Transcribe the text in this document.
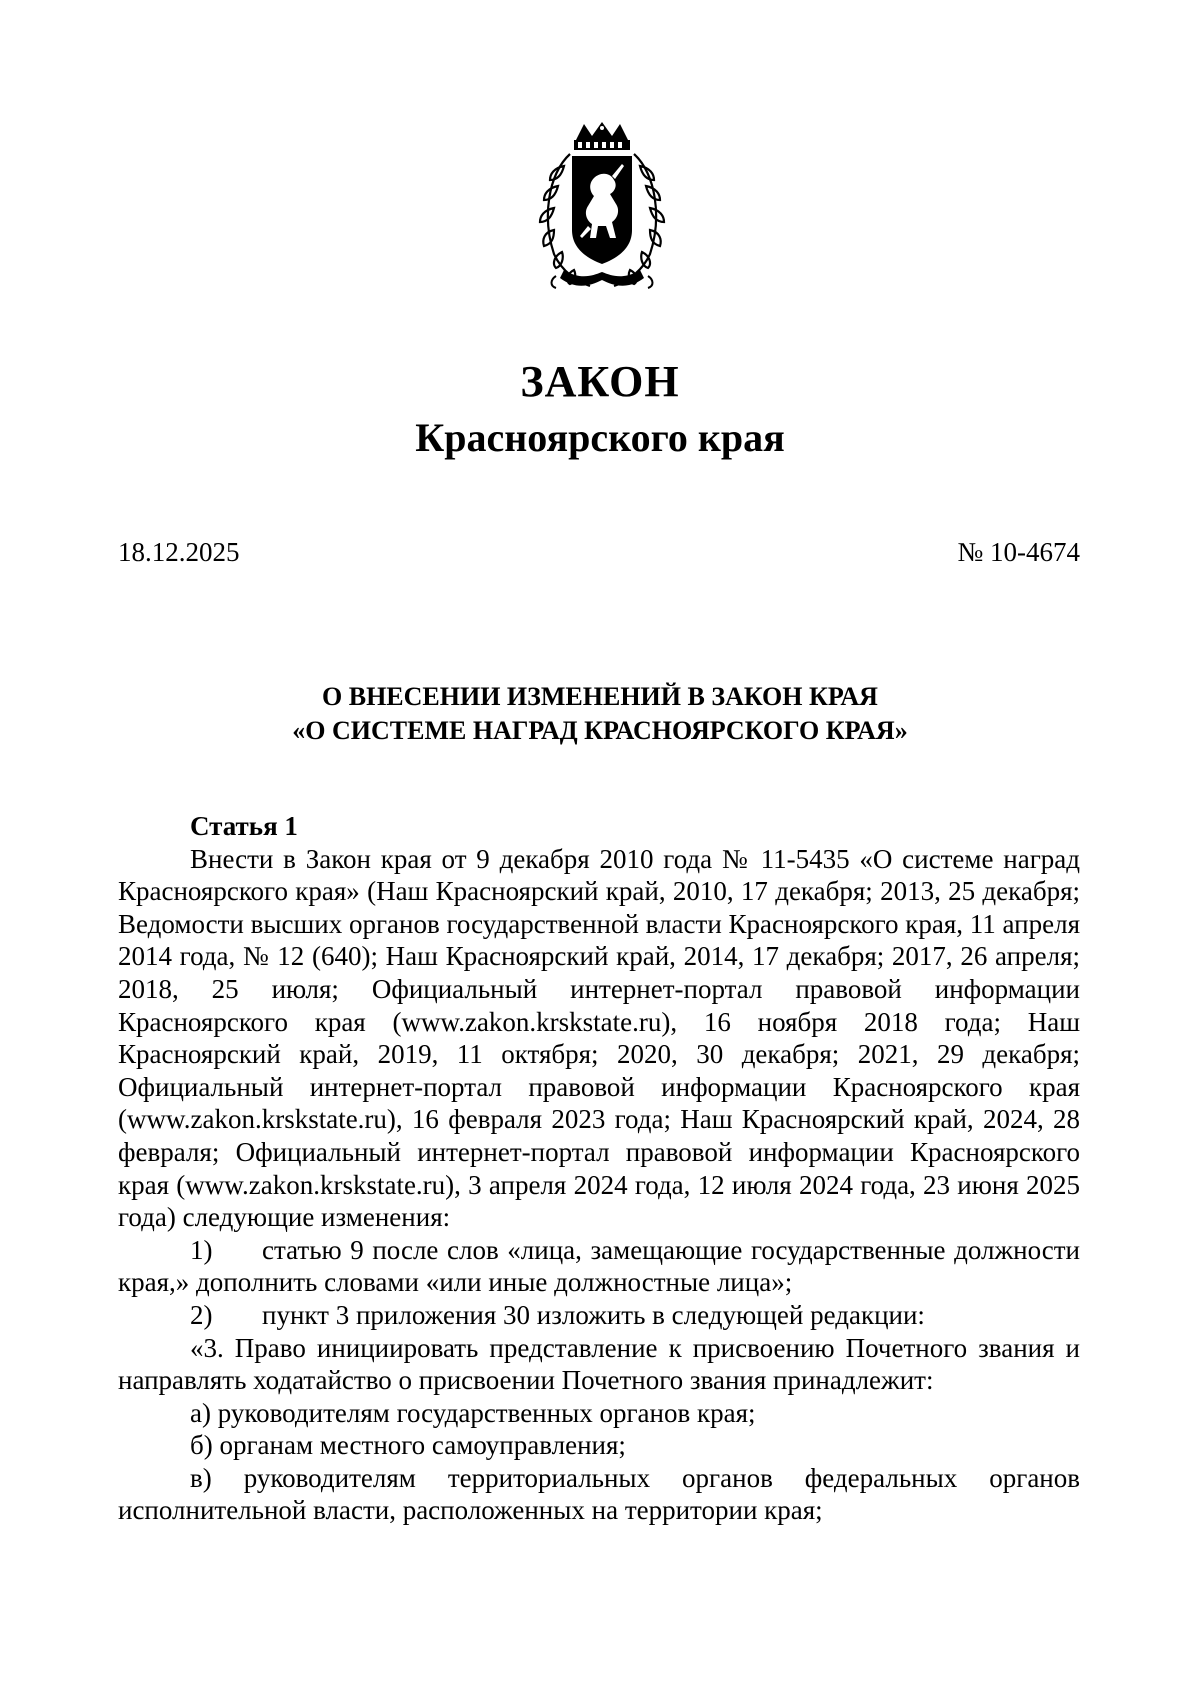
ЗАКОН
Красноярского края
18.12.2025	№ 10-4674
О ВНЕСЕНИИ ИЗМЕНЕНИЙ В ЗАКОН КРАЯ
«О СИСТЕМЕ НАГРАД КРАСНОЯРСКОГО КРАЯ»

Статья 1

Внести в Закон края от 9 декабря 2010 года № 11-5435 «О системе наград Красноярского края» (Наш Красноярский край, 2010, 17 декабря; 2013, 25 декабря; Ведомости высших органов государственной власти Красноярского края, 11 апреля 2014 года, № 12 (640); Наш Красноярский край, 2014, 17 декабря; 2017, 26 апреля; 2018, 25 июля; Официальный интернет-портал правовой информации Красноярского края (www.zakon.krskstate.ru), 16 ноября 2018 года; Наш Красноярский край, 2019, 11 октября; 2020, 30 декабря; 2021, 29 декабря; Официальный интернет-портал правовой информации Красноярского края (www.zakon.krskstate.ru), 16 февраля 2023 года; Наш Красноярский край, 2024, 28 февраля; Официальный интернет-портал правовой информации Красноярского края (www.zakon.krskstate.ru), 3 апреля 2024 года, 12 июля 2024 года, 23 июня 2025 года) следующие изменения:

1) статью 9 после слов «лица, замещающие государственные должности края,» дополнить словами «или иные должностные лица»;

2) пункт 3 приложения 30 изложить в следующей редакции:

«3. Право инициировать представление к присвоению Почетного звания и направлять ходатайство о присвоении Почетного звания принадлежит:

а) руководителям государственных органов края;

б) органам местного самоуправления;

в) руководителям территориальных органов федеральных органов исполнительной власти, расположенных на территории края;
